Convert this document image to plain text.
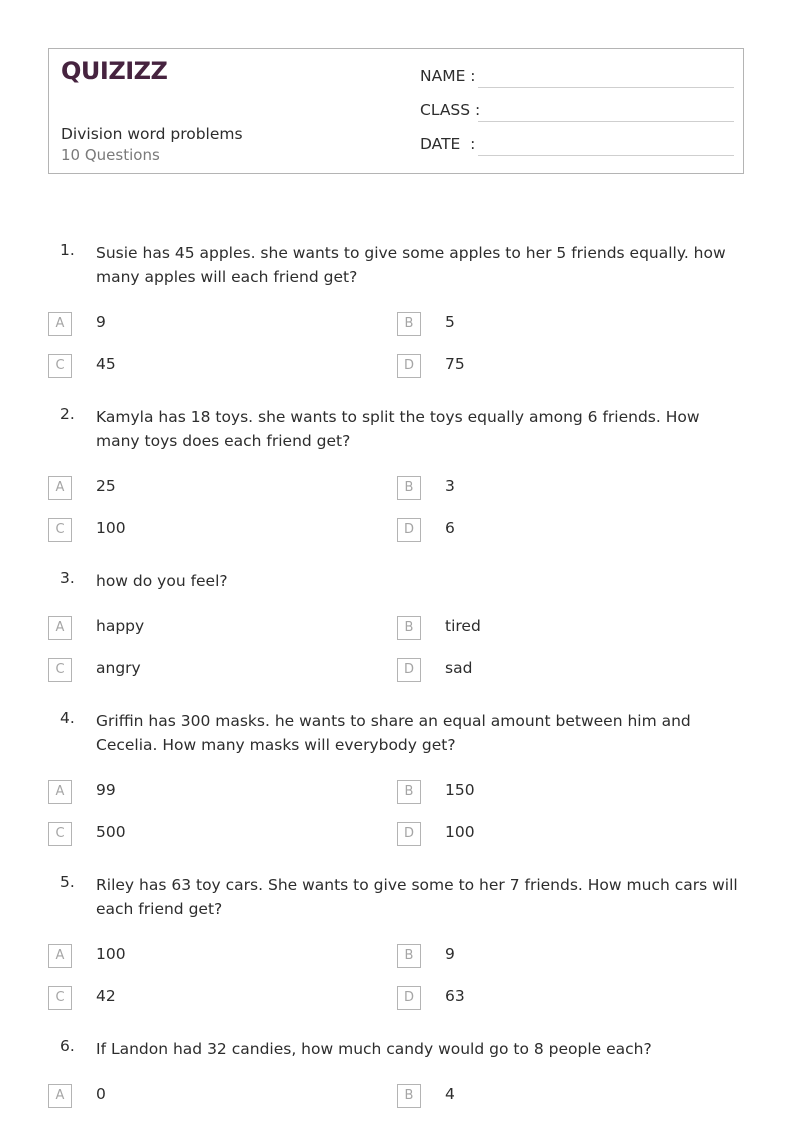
QUIZIZZ
Division word problems
10 Questions
NAME :
CLASS :
DATE  :
1. Susie has 45 apples. she wants to give some apples to her 5 friends equally. how many apples will each friend get?
2. Kamyla has 18 toys. she wants to split the toys equally among 6 friends. How many toys does each friend get?
3. how do you feel?
4. Griffin has 300 masks. he wants to share an equal amount between him and Cecelia. How many masks will everybody get?
5. Riley has 63 toy cars. She wants to give some to her 7 friends. How much cars will each friend get?
6. If Landon had 32 candies, how much candy would go to 8 people each?
A	9	B	5
C	45	D	75
A	25	B	3
C	100	D	6
A	happy	B	tired
C	angry	D	sad
A	99	B	150
C	500	D	100
A	100	B	9
C	42	D	63
A	0	B	4
